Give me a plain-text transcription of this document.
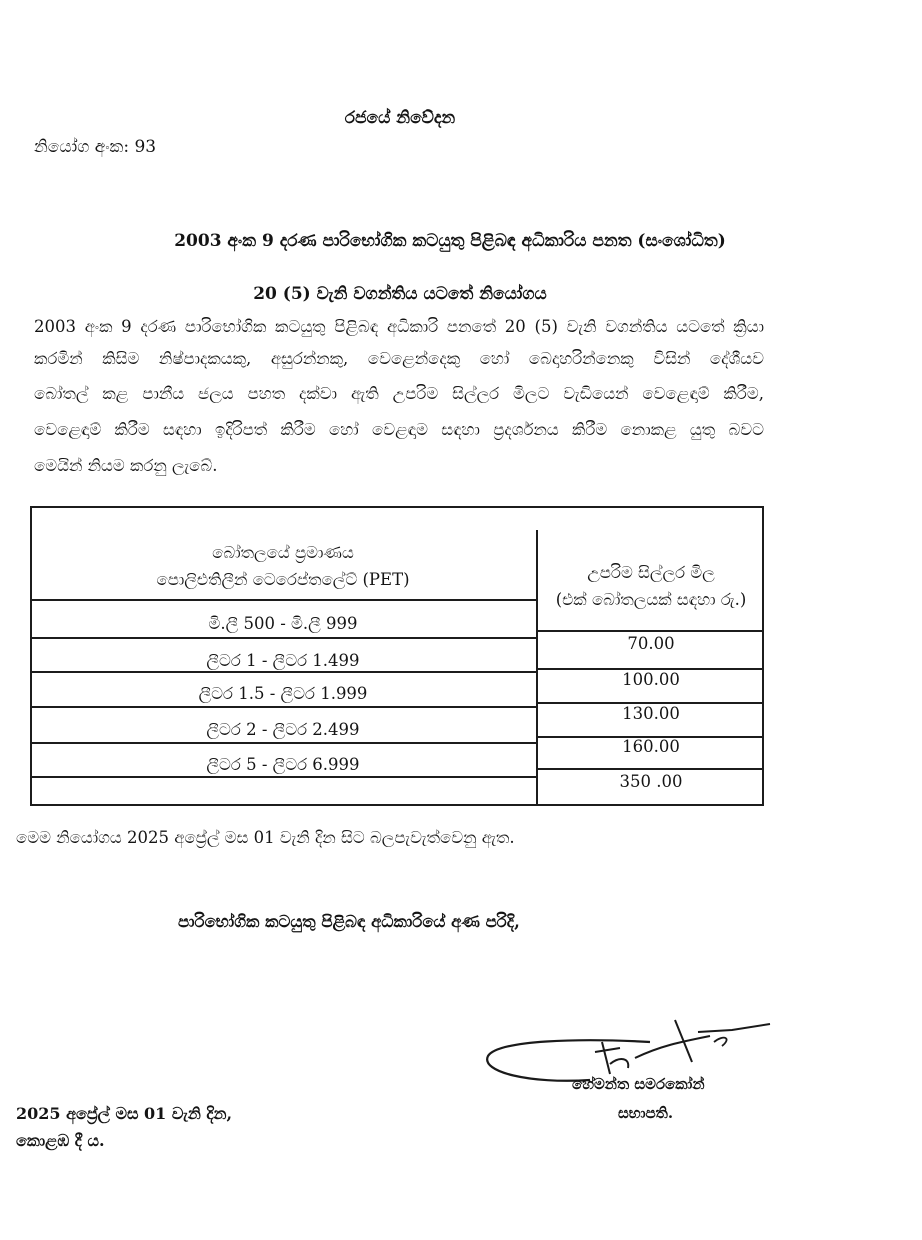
රජයේ නිවේදන
නියෝග අංක: 93
2003 අංක 9 දරණ පාරිභෝගික කටයුතු පිළිබඳ අධිකාරිය පනත (සංශෝධිත)
20 (5) වැනි වගන්තිය යටතේ නියෝගය
2003 අංක 9 දරණ පාරිභෝගික කටයුතු පිළිබඳ අධිකාරි පනතේ 20 (5) වැනි වගන්තිය යටතේ ක්‍රියා
කරමින් කිසිම නිෂ්පාදකයකු, අසුරන්නකු, වෙළෙන්දෙකු හෝ බෙදාහරින්නෙකු විසින් දේශීයව
බෝතල් කළ පානීය ජලය පහත දක්වා ඇති උපරිම සිල්ලර මිලට වැඩියෙන් වෙළෙඳාම් කිරීම,
වෙළෙඳාම් කිරීම සඳහා ඉදිරිපත් කිරීම හෝ වෙළඳාම සඳහා ප්‍රදර්ශනය කිරීම නොකළ යුතු බවට
මෙයින් නියම කරනු ලැබේ.
බෝතලයේ ප්‍රමාණය
පොලිඑතිලීන් ටෙරෙප්තලේට් (PET)	උපරිම සිල්ලර මිල
(එක් බෝතලයක් සඳහා රු.)
මි.ලී 500 - මි.ලී 999
ලීටර 1 - ලීටර 1.499
ලීටර 1.5 - ලීටර 1.999
ලීටර 2 - ලීටර 2.499
ලීටර 5 - ලීටර 6.999
70.00
100.00
130.00
160.00
350 .00
මෙම නියෝගය 2025 අප්‍රේල් මස 01 වැනි දින සිට බලපැවැත්වෙනු ඇත.
පාරිභෝගික කටයුතු පිළිබඳ අධිකාරියේ අණ පරිදි,
හේමන්ත සමරකෝන්
සභාපති.
2025 අප්‍රේල් මස 01 වැනි දින,
කොළඹ දී ය.
